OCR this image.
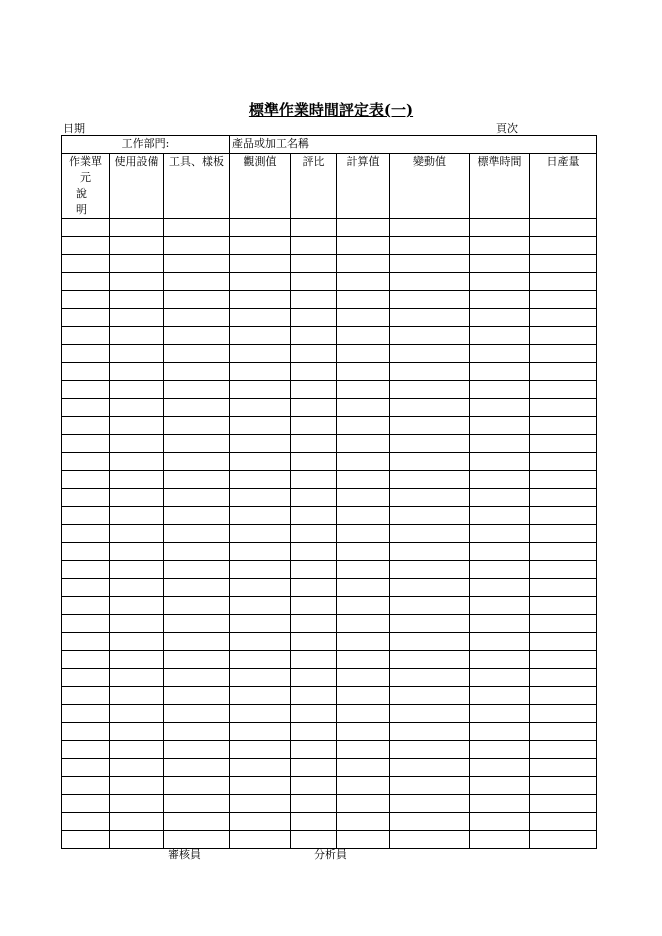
標準作業時間評定表(一)
日期	頁次
工作部門:			產品或加工名稱					

作業單
元
說 明	使用設備	工具、樣板	觀測值	評比	計算值	變動值	標準時間	日產量

審核員	分析員
